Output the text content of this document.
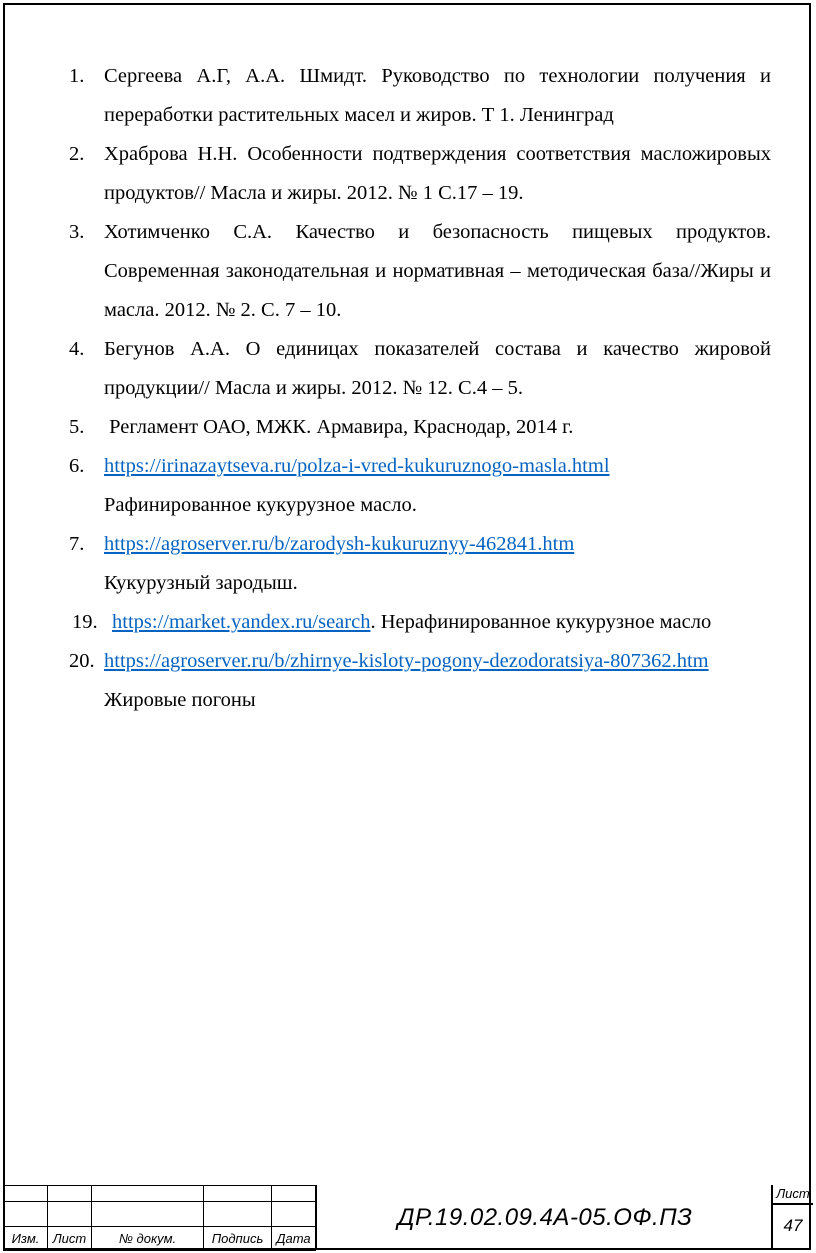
1. Сергеева А.Г, А.А. Шмидт. Руководство по технологии получения и переработки растительных масел и жиров. Т 1. Ленинград
2. Храброва Н.Н. Особенности подтверждения соответствия масложировых продуктов// Масла и жиры. 2012. № 1 С.17 – 19.
3. Хотимченко С.А. Качество и безопасность пищевых продуктов. Современная законодательная и нормативная – методическая база//Жиры и масла. 2012. № 2. С. 7 – 10.
4. Бегунов А.А. О единицах показателей состава и качество жировой продукции// Масла и жиры. 2012. № 12. С.4 – 5.
5. Регламент ОАО, МЖК. Армавира, Краснодар, 2014 г.
6. https://irinazaytseva.ru/polza-i-vred-kukuruznogo-masla.html
Рафинированное кукурузное масло.
7. https://agroserver.ru/b/zarodysh-kukuruznyy-462841.htm
Кукурузный зародыш.
19. https://market.yandex.ru/search. Нерафинированное кукурузное масло
20. https://agroserver.ru/b/zhirnye-kisloty-pogony-dezodoratsiya-807362.htm
Жировые погоны

Изм.	Лист	№ докум.	Подпись	Дата
ДР.19.02.09.4А-05.ОФ.ПЗ
Лист
47
